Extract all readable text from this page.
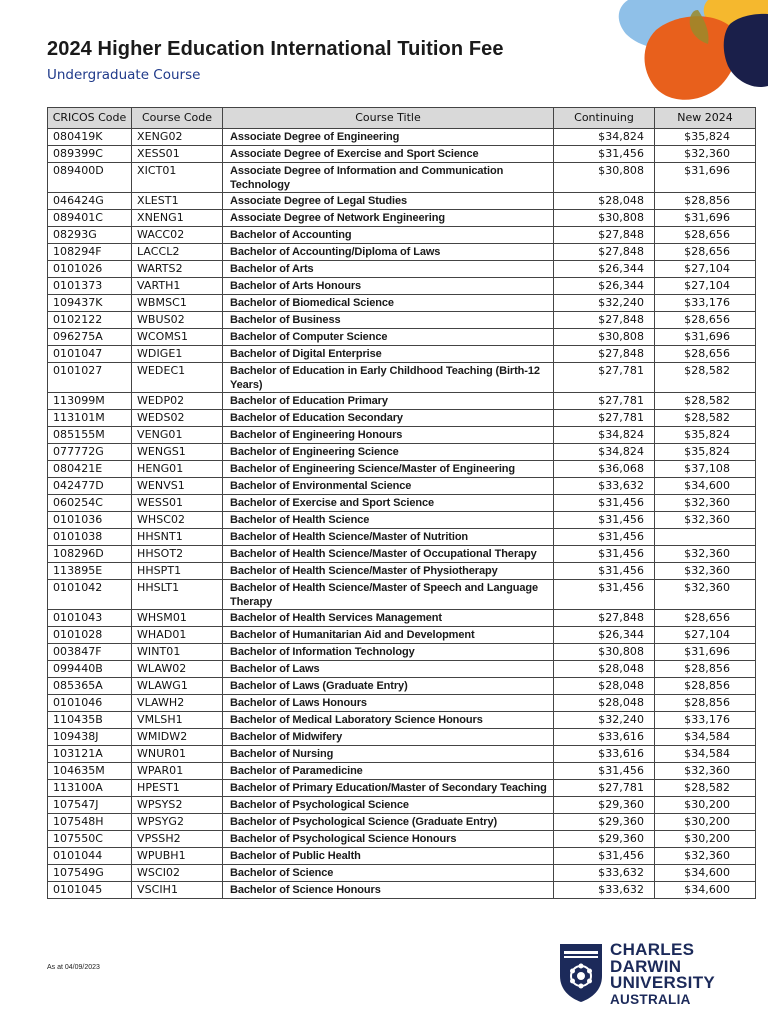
2024 Higher Education International Tuition Fee
Undergraduate Course
CRICOS Code	Course Code	Course Title	Continuing	New 2024
080419K	XENG02	Associate Degree of Engineering	$34,824	$35,824
089399C	XESS01	Associate Degree of Exercise and Sport Science	$31,456	$32,360
089400D	XICT01	Associate Degree of Information and Communication Technology	$30,808	$31,696
046424G	XLEST1	Associate Degree of Legal Studies	$28,048	$28,856
089401C	XNENG1	Associate Degree of Network Engineering	$30,808	$31,696
08293G	WACC02	Bachelor of Accounting	$27,848	$28,656
108294F	LACCL2	Bachelor of Accounting/Diploma of Laws	$27,848	$28,656
0101026	WARTS2	Bachelor of Arts	$26,344	$27,104
0101373	VARTH1	Bachelor of Arts Honours	$26,344	$27,104
109437K	WBMSC1	Bachelor of Biomedical Science	$32,240	$33,176
0102122	WBUS02	Bachelor of Business	$27,848	$28,656
096275A	WCOMS1	Bachelor of Computer Science	$30,808	$31,696
0101047	WDIGE1	Bachelor of Digital Enterprise	$27,848	$28,656
0101027	WEDEC1	Bachelor of Education in Early Childhood Teaching (Birth-12 Years)	$27,781	$28,582
113099M	WEDP02	Bachelor of Education Primary	$27,781	$28,582
113101M	WEDS02	Bachelor of Education Secondary	$27,781	$28,582
085155M	VENG01	Bachelor of Engineering Honours	$34,824	$35,824
077772G	WENGS1	Bachelor of Engineering Science	$34,824	$35,824
080421E	HENG01	Bachelor of Engineering Science/Master of Engineering	$36,068	$37,108
042477D	WENVS1	Bachelor of Environmental Science	$33,632	$34,600
060254C	WESS01	Bachelor of Exercise and Sport Science	$31,456	$32,360
0101036	WHSC02	Bachelor of Health Science	$31,456	$32,360
0101038	HHSNT1	Bachelor of Health Science/Master of Nutrition	$31,456	
108296D	HHSOT2	Bachelor of Health Science/Master of Occupational Therapy	$31,456	$32,360
113895E	HHSPT1	Bachelor of Health Science/Master of Physiotherapy	$31,456	$32,360
0101042	HHSLT1	Bachelor of Health Science/Master of Speech and Language Therapy	$31,456	$32,360
0101043	WHSM01	Bachelor of Health Services Management	$27,848	$28,656
0101028	WHAD01	Bachelor of Humanitarian Aid and Development	$26,344	$27,104
003847F	WINT01	Bachelor of Information Technology	$30,808	$31,696
099440B	WLAW02	Bachelor of Laws	$28,048	$28,856
085365A	WLAWG1	Bachelor of Laws (Graduate Entry)	$28,048	$28,856
0101046	VLAWH2	Bachelor of Laws Honours	$28,048	$28,856
110435B	VMLSH1	Bachelor of Medical Laboratory Science Honours	$32,240	$33,176
109438J	WMIDW2	Bachelor of Midwifery	$33,616	$34,584
103121A	WNUR01	Bachelor of Nursing	$33,616	$34,584
104635M	WPAR01	Bachelor of Paramedicine	$31,456	$32,360
113100A	HPEST1	Bachelor of Primary Education/Master of Secondary Teaching	$27,781	$28,582
107547J	WPSYS2	Bachelor of Psychological Science	$29,360	$30,200
107548H	WPSYG2	Bachelor of Psychological Science (Graduate Entry)	$29,360	$30,200
107550C	VPSSH2	Bachelor of Psychological Science Honours	$29,360	$30,200
0101044	WPUBH1	Bachelor of Public Health	$31,456	$32,360
107549G	WSCI02	Bachelor of Science	$33,632	$34,600
0101045	VSCIH1	Bachelor of Science Honours	$33,632	$34,600
As at 04/09/2023
CHARLES
DARWIN
UNIVERSITY
AUSTRALIA
